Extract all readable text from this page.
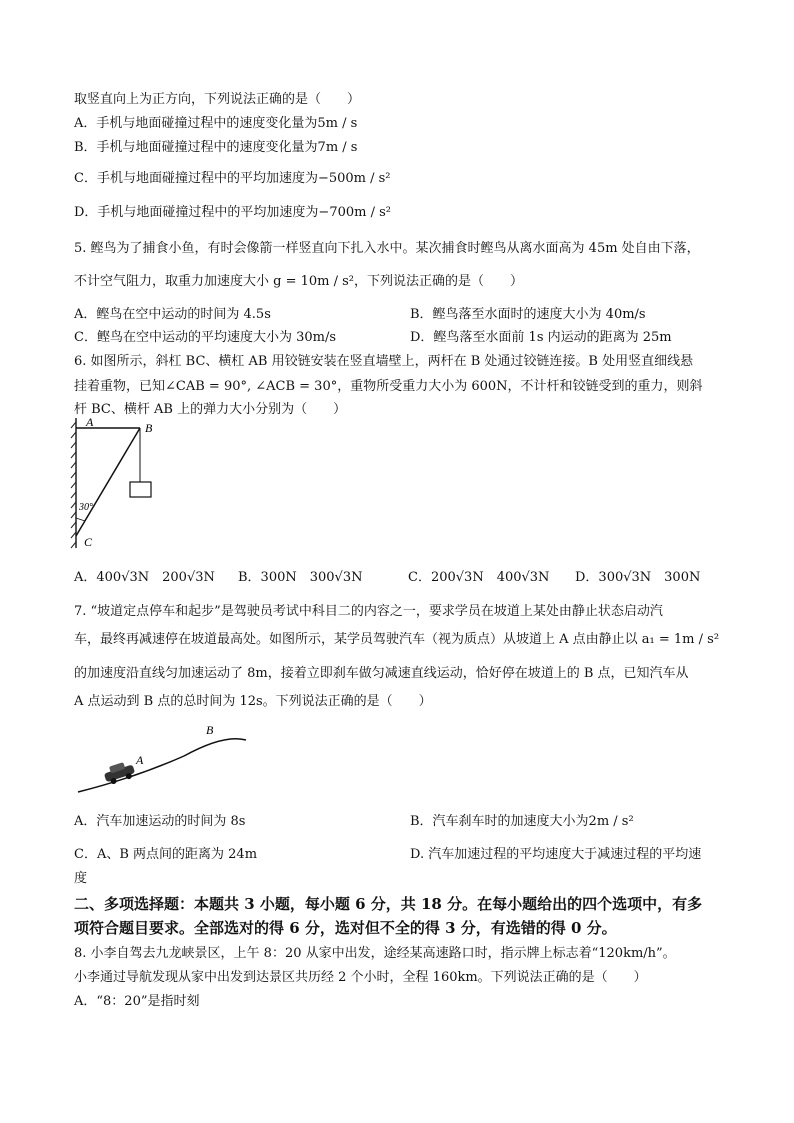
取竖直向上为正方向，下列说法正确的是（　　）
A．手机与地面碰撞过程中的速度变化量为5m / s
B．手机与地面碰撞过程中的速度变化量为7m / s
C．手机与地面碰撞过程中的平均加速度为−500m / s²
D．手机与地面碰撞过程中的平均加速度为−700m / s²
5. 鲣鸟为了捕食小鱼，有时会像箭一样竖直向下扎入水中。某次捕食时鲣鸟从离水面高为 45m 处自由下落，
不计空气阻力，取重力加速度大小 g = 10m / s²，下列说法正确的是（　　）
A．鲣鸟在空中运动的时间为 4.5s	B．鲣鸟落至水面时的速度大小为 40m/s
C．鲣鸟在空中运动的平均速度大小为 30m/s	D．鲣鸟落至水面前 1s 内运动的距离为 25m
6. 如图所示，斜杠 BC、横杠 AB 用铰链安装在竖直墙壁上，两杆在 B 处通过铰链连接。B 处用竖直细线悬
挂着重物，已知∠CAB = 90°, ∠ACB = 30°，重物所受重力大小为 600N，不计杆和铰链受到的重力，则斜
杆 BC、横杆 AB 上的弹力大小分别为（　　）
A	B
C
30°
A．400√3N　200√3N B．300N　300√3N	C．200√3N　400√3N D．300√3N　300N
7. “坡道定点停车和起步”是驾驶员考试中科目二的内容之一，要求学员在坡道上某处由静止状态启动汽
车，最终再减速停在坡道最高处。如图所示，某学员驾驶汽车（视为质点）从坡道上 A 点由静止以 a₁ = 1m / s²
的加速度沿直线匀加速运动了 8m，接着立即刹车做匀减速直线运动，恰好停在坡道上的 B 点，已知汽车从
A 点运动到 B 点的总时间为 12s。下列说法正确的是（　　）
A
B
A．汽车加速运动的时间为 8s	B．汽车刹车时的加速度大小为2m / s²
C．A、B 两点间的距离为 24m	D. 汽车加速过程的平均速度大于减速过程的平均速
度
二、多项选择题：本题共 3 小题，每小题 6 分，共 18 分。在每小题给出的四个选项中，有多
项符合题目要求。全部选对的得 6 分，选对但不全的得 3 分，有选错的得 0 分。
8. 小李自驾去九龙峡景区，上午 8：20 从家中出发，途经某高速路口时，指示牌上标志着“120km/h”。
小李通过导航发现从家中出发到达景区共历经 2 个小时，全程 160km。下列说法正确的是（　　）
A．“8：20”是指时刻
